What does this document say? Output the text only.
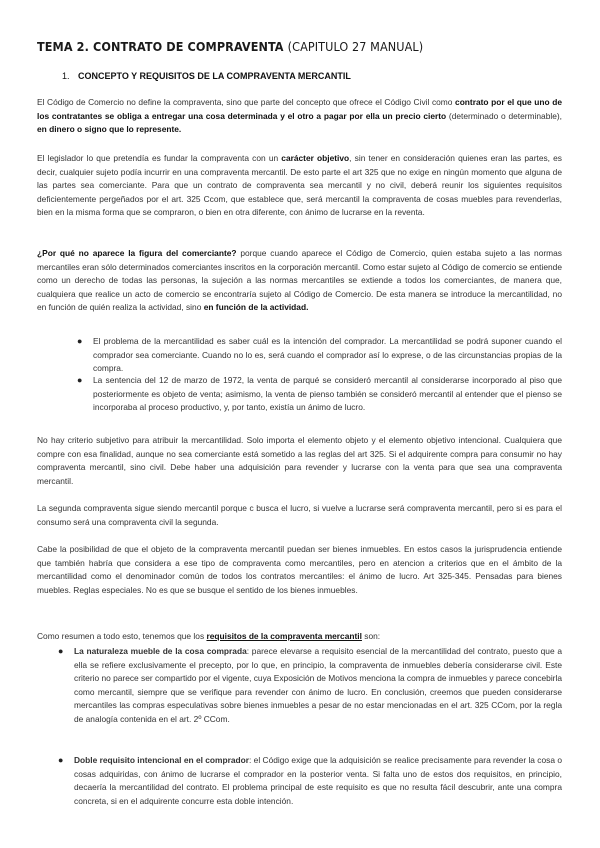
TEMA 2. CONTRATO DE COMPRAVENTA (CAPITULO 27 MANUAL)
1. CONCEPTO Y REQUISITOS DE LA COMPRAVENTA MERCANTIL
El Código de Comercio no define la compraventa, sino que parte del concepto que ofrece el Código Civil como contrato por el que uno de los contratantes se obliga a entregar una cosa determinada y el otro a pagar por ella un precio cierto (determinado o determinable), en dinero o signo que lo represente.
El legislador lo que pretendía es fundar la compraventa con un carácter objetivo, sin tener en consideración quienes eran las partes, es decir, cualquier sujeto podía incurrir en una compraventa mercantil. De esto parte el art 325 que no exige en ningún momento que alguna de las partes sea comerciante. Para que un contrato de compraventa sea mercantil y no civil, deberá reunir los siguientes requisitos deficientemente pergeñados por el art. 325 Ccom, que establece que, será mercantil la compraventa de cosas muebles para revenderlas, bien en la misma forma que se compraron, o bien en otra diferente, con ánimo de lucrarse en la reventa.
¿Por qué no aparece la figura del comerciante? porque cuando aparece el Código de Comercio, quien estaba sujeto a las normas mercantiles eran sólo determinados comerciantes inscritos en la corporación mercantil. Como estar sujeto al Código de comercio se entiende como un derecho de todas las personas, la sujeción a las normas mercantiles se extiende a todos los comerciantes, de manera que, cualquiera que realice un acto de comercio se encontraría sujeto al Código de Comercio. De esta manera se introduce la mercantilidad, no en función de quién realiza la actividad, sino en función de la actividad.
● El problema de la mercantilidad es saber cuál es la intención del comprador. La mercantilidad se podrá suponer cuando el comprador sea comerciante. Cuando no lo es, será cuando el comprador así lo exprese, o de las circunstancias propias de la compra.
● La sentencia del 12 de marzo de 1972, la venta de parqué se consideró mercantil al considerarse incorporado al piso que posteriormente es objeto de venta; asimismo, la venta de pienso también se consideró mercantil al entender que el pienso se incorporaba al proceso productivo, y, por tanto, existía un ánimo de lucro.
No hay criterio subjetivo para atribuir la mercantilidad. Solo importa el elemento objeto y el elemento objetivo intencional. Cualquiera que compre con esa finalidad, aunque no sea comerciante está sometido a las reglas del art 325. Si el adquirente compra para consumir no hay compraventa mercantil, sino civil. Debe haber una adquisición para revender y lucrarse con la venta para que sea una compraventa mercantil.
La segunda compraventa sigue siendo mercantil porque c busca el lucro, si vuelve a lucrarse será compraventa mercantil, pero si es para el consumo será una compraventa civil la segunda.
Cabe la posibilidad de que el objeto de la compraventa mercantil puedan ser bienes inmuebles. En estos casos la jurisprudencia entiende que también habría que considera a ese tipo de compraventa como mercantiles, pero en atencion a criterios que en el ámbito de la mercantilidad como el denominador común de todos los contratos mercantiles: el ánimo de lucro. Art 325-345. Pensadas para bienes muebles. Reglas especiales. No es que se busque el sentido de los bienes inmuebles.
Como resumen a todo esto, tenemos que los requisitos de la compraventa mercantil son:
● La naturaleza mueble de la cosa comprada: parece elevarse a requisito esencial de la mercantilidad del contrato, puesto que a ella se refiere exclusivamente el precepto, por lo que, en principio, la compraventa de inmuebles debería considerarse civil. Este criterio no parece ser compartido por el vigente, cuya Exposición de Motivos menciona la compra de inmuebles y parece concebirla como mercantil, siempre que se verifique para revender con ánimo de lucro. En conclusión, creemos que pueden considerarse mercantiles las compras especulativas sobre bienes inmuebles a pesar de no estar mencionadas en el art. 325 CCom, por la regla de analogía contenida en el art. 2º CCom.
● Doble requisito intencional en el comprador: el Código exige que la adquisición se realice precisamente para revender la cosa o cosas adquiridas, con ánimo de lucrarse el comprador en la posterior venta. Si falta uno de estos dos requisitos, en principio, decaería la mercantilidad del contrato. El problema principal de este requisito es que no resulta fácil descubrir, ante una compra concreta, si en el adquirente concurre esta doble intención.
